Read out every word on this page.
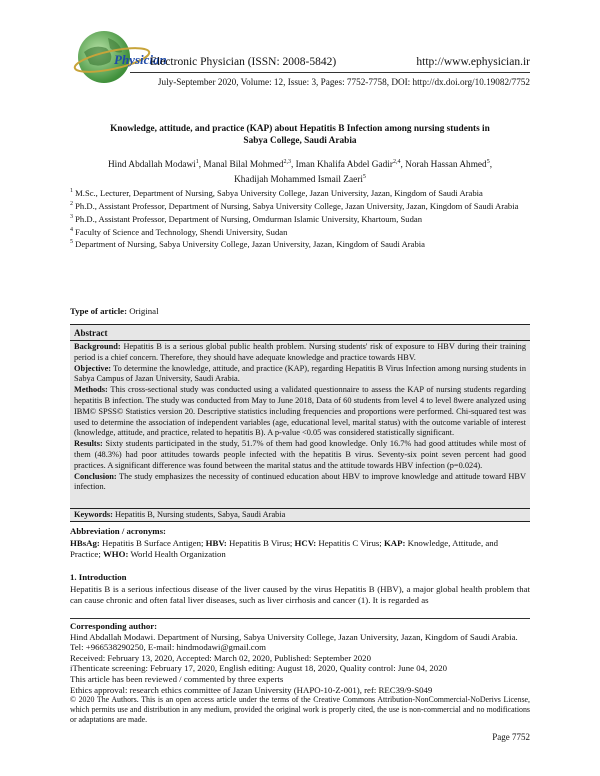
Physician
Electronic Physician (ISSN: 2008-5842)	http://www.ephysician.ir
July-September 2020, Volume: 12, Issue: 3, Pages: 7752-7758, DOI: http://dx.doi.org/10.19082/7752
Knowledge, attitude, and practice (KAP) about Hepatitis B Infection among nursing students in Sabya College, Saudi Arabia
Hind Abdallah Modawi$^1$, Manal Bilal Mohmed$^{2,3}$, Iman Khalifa Abdel Gadir$^{2,4}$, Norah Hassan Ahmed$^5$,
Khadijah Mohammed Ismail Zaeri$^5$

$^1$ M.Sc., Lecturer, Department of Nursing, Sabya University College, Jazan University, Jazan, Kingdom of Saudi Arabia

$^2$ Ph.D., Assistant Professor, Department of Nursing, Sabya University College, Jazan University, Jazan, Kingdom of Saudi Arabia

$^3$ Ph.D., Assistant Professor, Department of Nursing, Omdurman Islamic University, Khartoum, Sudan

$^4$ Faculty of Science and Technology, Shendi University, Sudan

$^5$ Department of Nursing, Sabya University College, Jazan University, Jazan, Kingdom of Saudi Arabia

Type of article: Original
Abstract

Background: Hepatitis B is a serious global public health problem. Nursing students' risk of exposure to HBV during their training period is a chief concern. Therefore, they should have adequate knowledge and practice towards HBV.

Objective: To determine the knowledge, attitude, and practice (KAP), regarding Hepatitis B Virus Infection among nursing students in Sabya Campus of Jazan University, Saudi Arabia.

Methods: This cross-sectional study was conducted using a validated questionnaire to assess the KAP of nursing students regarding hepatitis B infection. The study was conducted from May to June 2018, Data of 60 students from level 4 to level 8were analyzed using IBM© SPSS© Statistics version 20. Descriptive statistics including frequencies and proportions were performed. Chi-squared test was used to determine the association of independent variables (age, educational level, marital status) with the outcome variable of interest (knowledge, attitude, and practice, related to hepatitis B). A p-value <0.05 was considered statistically significant.

Results: Sixty students participated in the study, 51.7% of them had good knowledge. Only 16.7% had good attitudes while most of them (48.3%) had poor attitudes towards people infected with the hepatitis B virus. Seventy-six point seven percent had good practices. A significant difference was found between the marital status and the attitude towards HBV infection (p=0.024).

Conclusion: The study emphasizes the necessity of continued education about HBV to improve knowledge and attitude toward HBV infection.

Keywords: Hepatitis B, Nursing students, Sabya, Saudi Arabia

Abbreviation / acronyms:

HBsAg: Hepatitis B Surface Antigen; HBV: Hepatitis B Virus; HCV: Hepatitis C Virus; KAP: Knowledge, Attitude, and Practice; WHO: World Health Organization

1. Introduction

Hepatitis B is a serious infectious disease of the liver caused by the virus Hepatitis B (HBV), a major global health problem that can cause chronic and often fatal liver diseases, such as liver cirrhosis and cancer (1). It is regarded as

Corresponding author:

Hind Abdallah Modawi. Department of Nursing, Sabya University College, Jazan University, Jazan, Kingdom of Saudi Arabia. Tel: +966538290250, E-mail: hindmodawi@gmail.com

Received: February 13, 2020, Accepted: March 02, 2020, Published: September 2020

iThenticate screening: February 17, 2020, English editing: August 18, 2020, Quality control: June 04, 2020

This article has been reviewed / commented by three experts

Ethics approval: research ethics committee of Jazan University (HAPO-10-Z-001), ref: REC39/9-S049

© 2020 The Authors. This is an open access article under the terms of the Creative Commons Attribution-NonCommercial-NoDerivs License, which permits use and distribution in any medium, provided the original work is properly cited, the use is non-commercial and no modifications or adaptations are made.

Page 7752
